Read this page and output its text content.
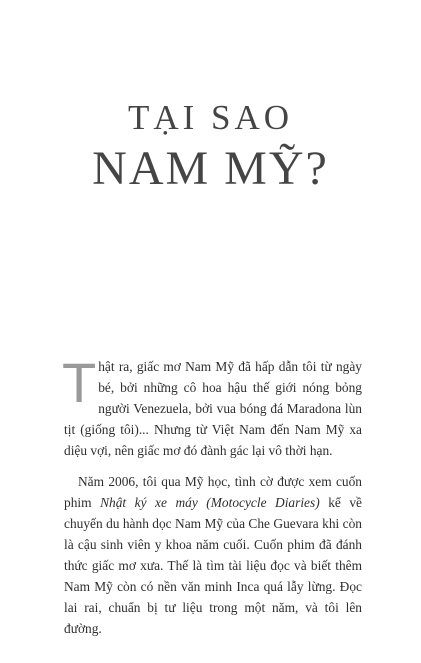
TẠI SAO
NAM MỸ?

Thật ra, giấc mơ Nam Mỹ đã hấp dẫn tôi từ ngày bé, bởi những cô hoa hậu thế giới nóng bỏng người Venezuela, bởi vua bóng đá Maradona lùn tịt (giống tôi)... Nhưng từ Việt Nam đến Nam Mỹ xa diệu vợi, nên giấc mơ đó đành gác lại vô thời hạn.

Năm 2006, tôi qua Mỹ học, tình cờ được xem cuốn phim Nhật ký xe máy (Motocycle Diaries) kể về chuyến du hành dọc Nam Mỹ của Che Guevara khi còn là cậu sinh viên y khoa năm cuối. Cuốn phim đã đánh thức giấc mơ xưa. Thế là tìm tài liệu đọc và biết thêm Nam Mỹ còn có nền văn minh Inca quá lẫy lừng. Đọc lai rai, chuẩn bị tư liệu trong một năm, và tôi lên đường.
